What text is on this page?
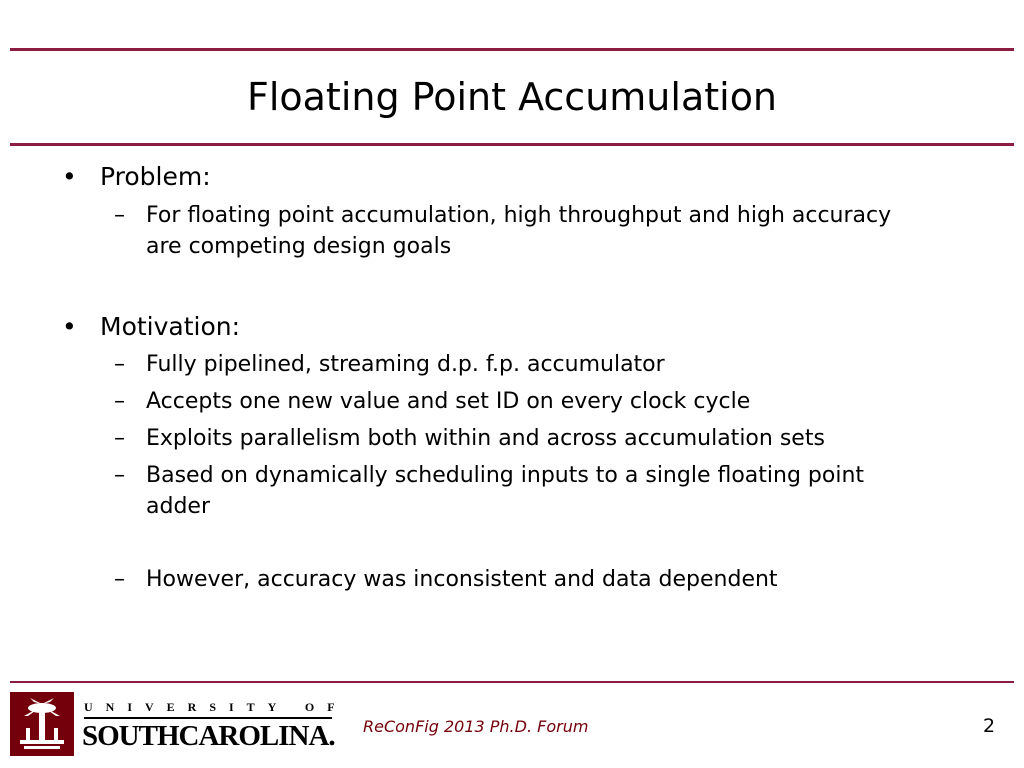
Floating Point Accumulation
• Problem:
– For floating point accumulation, high throughput and high accuracy are competing design goals
• Motivation:
– Fully pipelined, streaming d.p. f.p. accumulator
– Accepts one new value and set ID on every clock cycle
– Exploits parallelism both within and across accumulation sets
– Based on dynamically scheduling inputs to a single floating point adder
– However, accuracy was inconsistent and data dependent
UNIVERSITY OF
SOUTHCAROLINA. ReConFig 2013 Ph.D. Forum	2
